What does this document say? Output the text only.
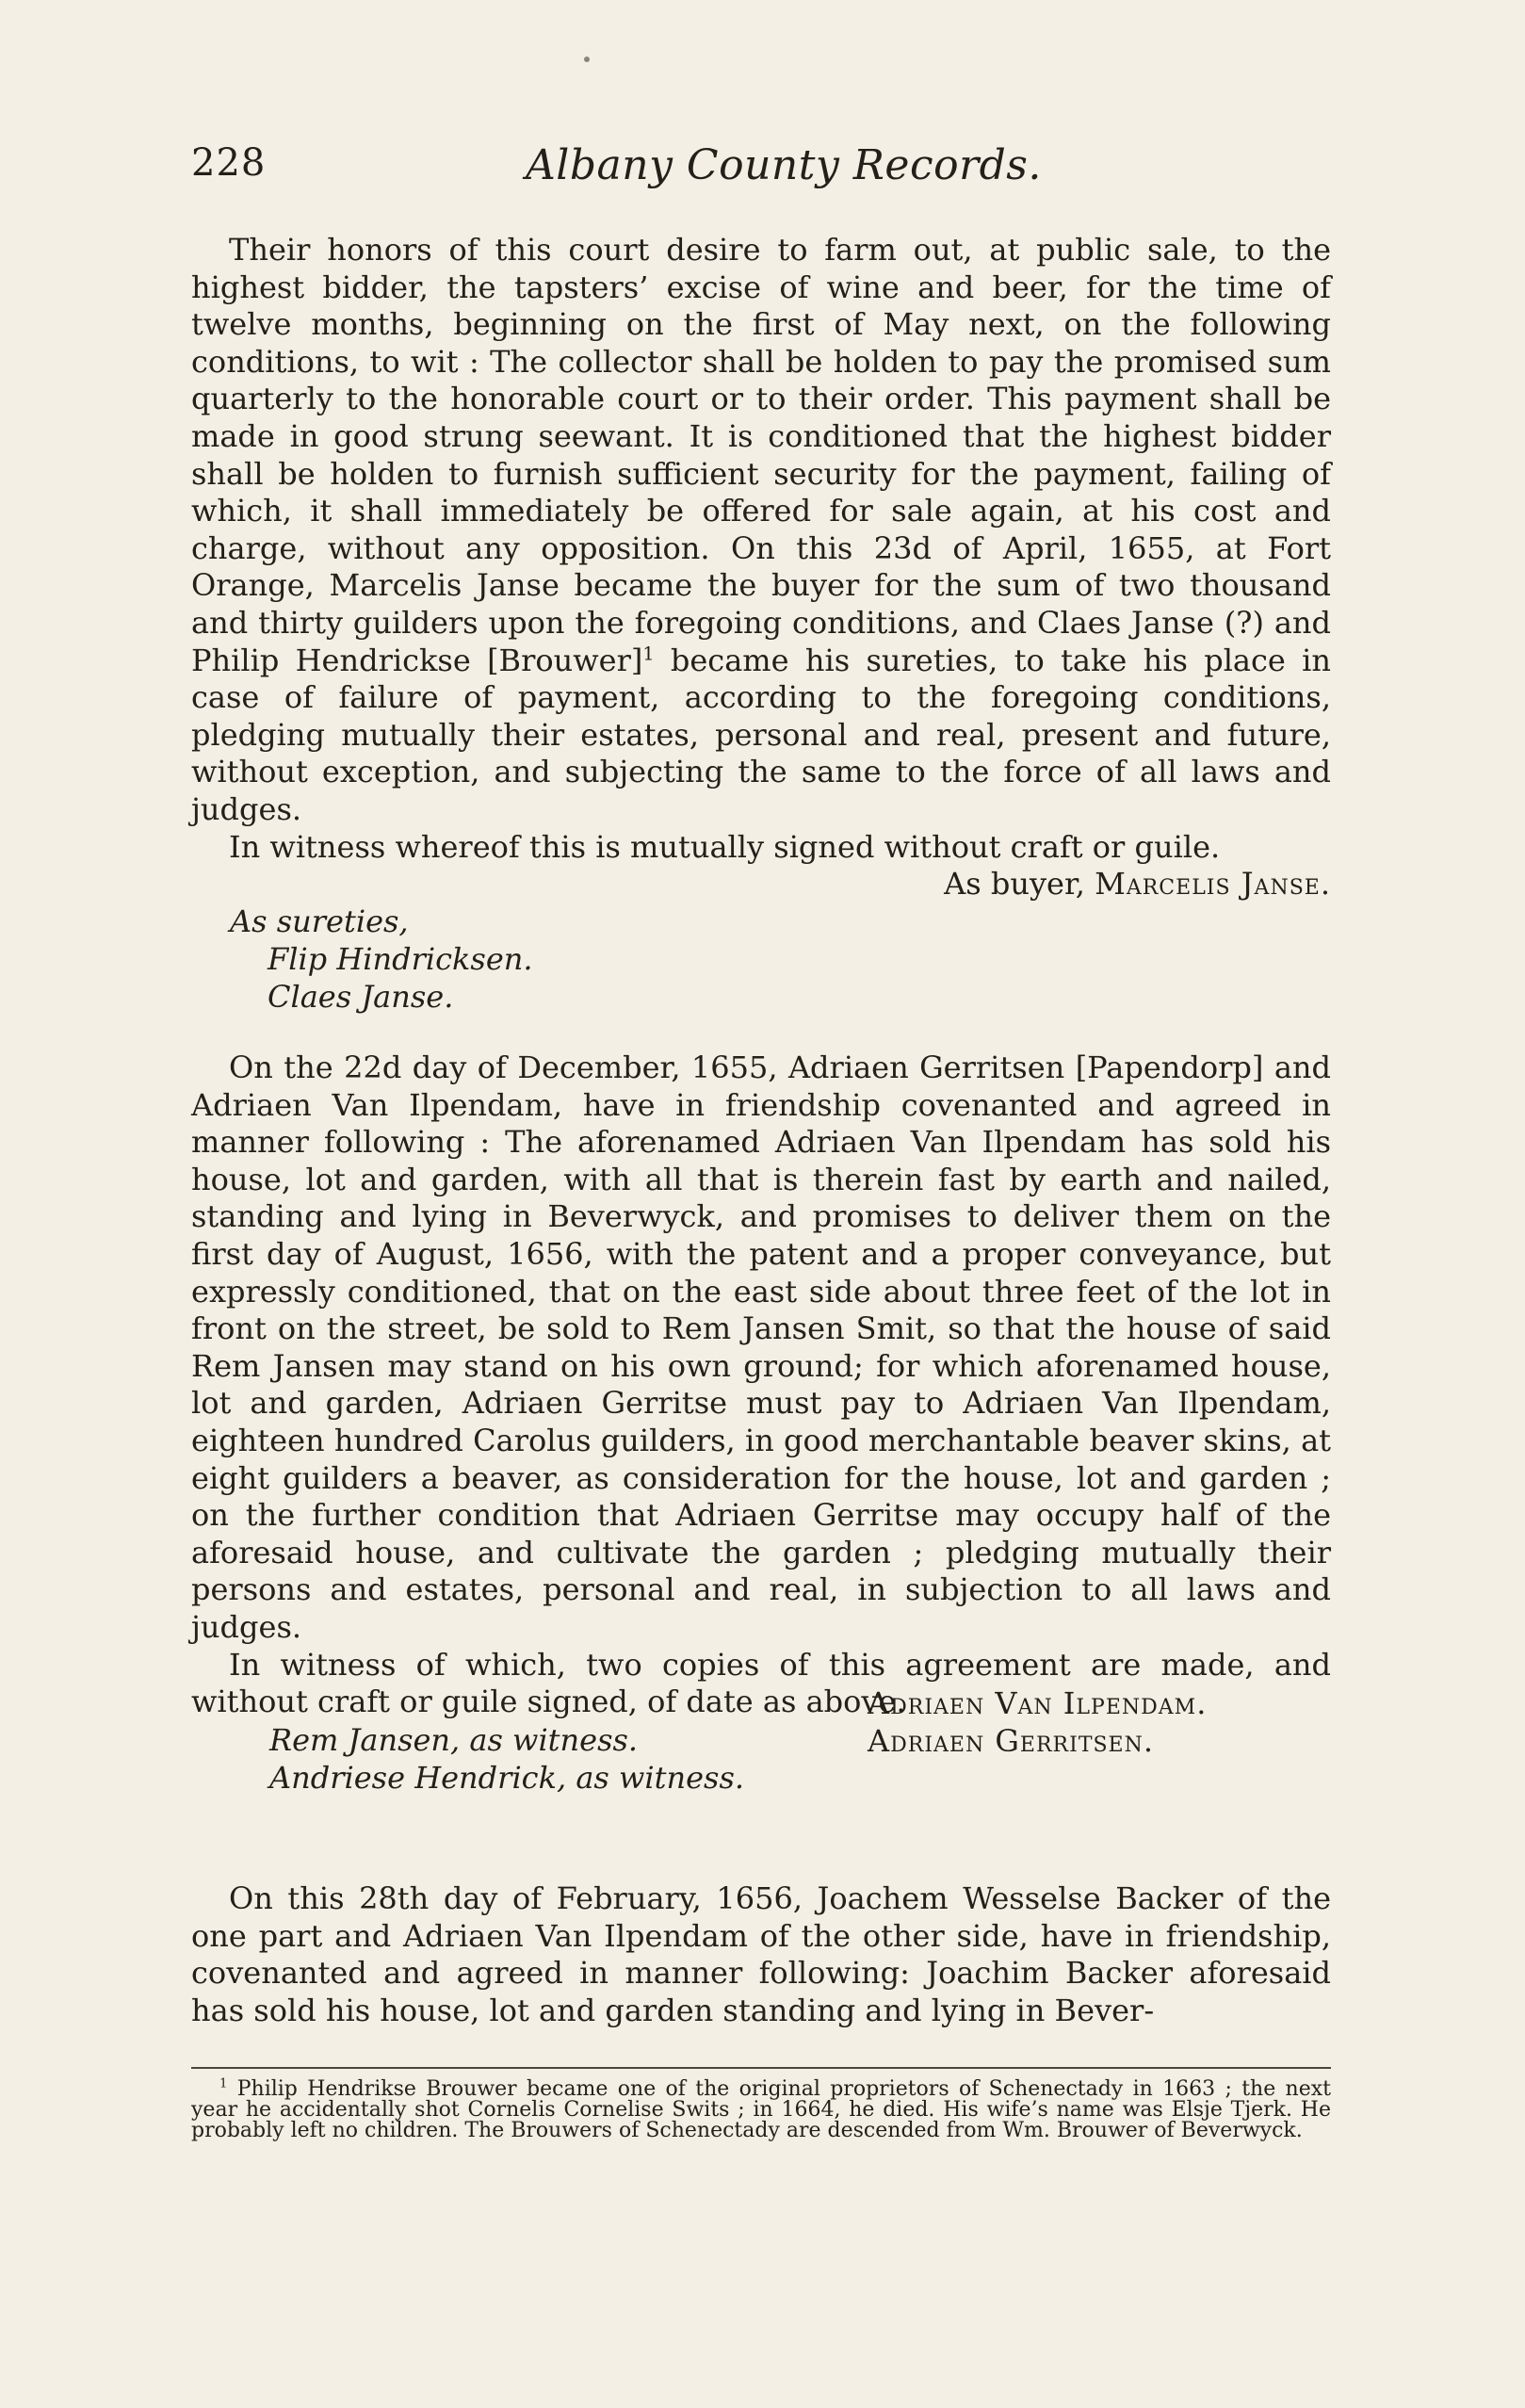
228	Albany County Records.

Their honors of this court desire to farm out, at public sale, to the highest bidder, the tapsters’ excise of wine and beer, for the time of twelve months, beginning on the first of May next, on the following conditions, to wit : The collector shall be holden to pay the promised sum quarterly to the honorable court or to their order. This payment shall be made in good strung seewant. It is conditioned that the highest bidder shall be holden to furnish sufficient security for the payment, failing of which, it shall immediately be offered for sale again, at his cost and charge, without any opposition. On this 23d of April, 1655, at Fort Orange, Marcelis Janse became the buyer for the sum of two thousand and thirty guilders upon the foregoing conditions, and Claes Janse (?) and Philip Hendrickse [Brouwer]$^1$ became his sureties, to take his place in case of failure of payment, according to the foregoing conditions, pledging mutually their estates, personal and real, present and future, without exception, and subjecting the same to the force of all laws and judges.

In witness whereof this is mutually signed without craft or guile.

As buyer, Marcelis Janse.

As sureties,
Flip Hindricksen.
Claes Janse.

On the 22d day of December, 1655, Adriaen Gerritsen [Papendorp] and Adriaen Van Ilpendam, have in friendship covenanted and agreed in manner following : The aforenamed Adriaen Van Ilpendam has sold his house, lot and garden, with all that is therein fast by earth and nailed, standing and lying in Beverwyck, and promises to deliver them on the first day of August, 1656, with the patent and a proper conveyance, but expressly conditioned, that on the east side about three feet of the lot in front on the street, be sold to Rem Jansen Smit, so that the house of said Rem Jansen may stand on his own ground; for which aforenamed house, lot and garden, Adriaen Gerritse must pay to Adriaen Van Ilpendam, eighteen hundred Carolus guilders, in good merchantable beaver skins, at eight guilders a beaver, as consideration for the house, lot and garden ; on the further condition that Adriaen Gerritse may occupy half of the aforesaid house, and cultivate the garden ; pledging mutually their persons and estates, personal and real, in subjection to all laws and judges.

In witness of which, two copies of this agreement are made, and without craft or guile signed, of date as above.

Adriaen Van Ilpendam.
Adriaen Gerritsen.
Rem Jansen, as witness.
Andriese Hendrick, as witness.

On this 28th day of February, 1656, Joachem Wesselse Backer of the one part and Adriaen Van Ilpendam of the other side, have in friendship, covenanted and agreed in manner following: Joachim Backer aforesaid has sold his house, lot and garden standing and lying in Bever-

$^1$ Philip Hendrikse Brouwer became one of the original proprietors of Schenectady in 1663 ; the next year he accidentally shot Cornelis Cornelise Swits ; in 1664, he died. His wife’s name was Elsje Tjerk. He probably left no children. The Brouwers of Schenectady are descended from Wm. Brouwer of Beverwyck.
